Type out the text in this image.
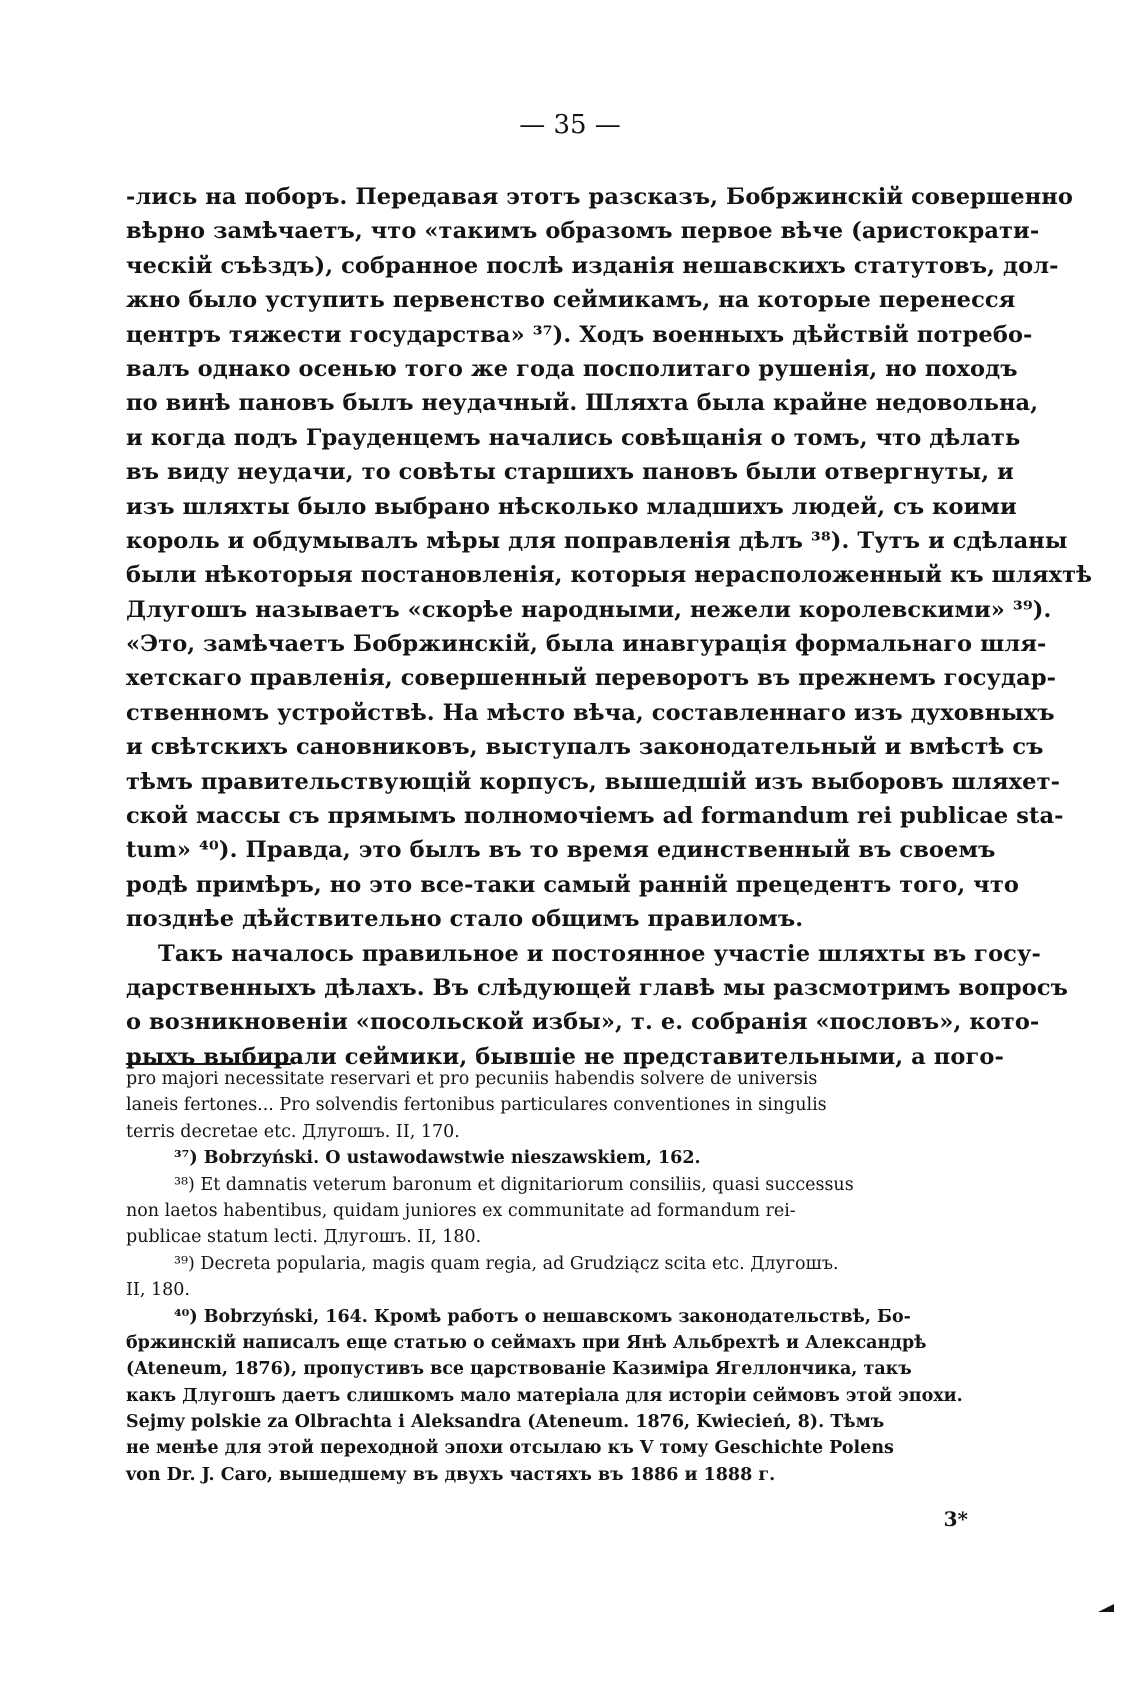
— 35 —
-лись на поборъ. Передавая этотъ разсказъ, Бобржинскій совершенно
вѣрно замѣчаетъ, что «такимъ образомъ первое вѣче (аристократи-
ческій съѣздъ), собранное послѣ изданія нешавскихъ статутовъ, дол-
жно было уступить первенство сеймикамъ, на которые перенесся
центръ тяжести государства» ³⁷). Ходъ военныхъ дѣйствій потребо-
валъ однако осенью того же года посполитаго рушенія, но походъ
по винѣ пановъ былъ неудачный. Шляхта была крайне недовольна,
и когда подъ Грауденцемъ начались совѣщанія о томъ, что дѣлать
въ виду неудачи, то совѣты старшихъ пановъ были отвергнуты, и
изъ шляхты было выбрано нѣсколько младшихъ людей, съ коими
король и обдумывалъ мѣры для поправленія дѣлъ ³⁸). Тутъ и сдѣланы
были нѣкоторыя постановленія, которыя нерасположенный къ шляхтѣ
Длугошъ называетъ «скорѣе народными, нежели королевскими» ³⁹).
«Это, замѣчаетъ Бобржинскій, была инавгурація формальнаго шля-
хетскаго правленія, совершенный переворотъ въ прежнемъ государ-
ственномъ устройствѣ. На мѣсто вѣча, составленнаго изъ духовныхъ
и свѣтскихъ сановниковъ, выступалъ законодательный и вмѣстѣ съ
тѣмъ правительствующій корпусъ, вышедшій изъ выборовъ шляхет-
ской массы съ прямымъ полномочіемъ ad formandum rei publicae sta-
tum» ⁴⁰). Правда, это былъ въ то время единственный въ своемъ
родѣ примѣръ, но это все-таки самый ранній прецедентъ того, что
позднѣе дѣйствительно стало общимъ правиломъ.
Такъ началось правильное и постоянное участіе шляхты въ госу-
дарственныхъ дѣлахъ. Въ слѣдующей главѣ мы разсмотримъ вопросъ
о возникновеніи «посольской избы», т. е. собранія «пословъ», кото-
рыхъ выбирали сеймики, бывшіе не представительными, а пого-
pro majori necessitate reservari et pro pecuniis habendis solvere de universis
laneis fertones... Pro solvendis fertonibus particulares conventiones in singulis
terris decretae etc. Длугошъ. II, 170.
³⁷) Bobrzyński. O ustawodawstwie nieszawskiem, 162.
³⁸) Et damnatis veterum baronum et dignitariorum consiliis, quasi successus
non laetos habentibus, quidam juniores ex communitate ad formandum rei-
publicae statum lecti. Длугошъ. II, 180.
³⁹) Decreta popularia, magis quam regia, ad Grudziącz scita etc. Длугошъ.
II, 180.
⁴⁰) Bobrzyński, 164. Кромѣ работъ о нешавскомъ законодательствѣ, Бо-
бржинскій написалъ еще статью о сеймахъ при Янѣ Альбрехтѣ и Александрѣ
(Ateneum, 1876), пропустивъ все царствованіе Казиміра Ягеллончика, такъ
какъ Длугошъ даетъ слишкомъ мало матеріала для исторіи сеймовъ этой эпохи.
Sejmy polskie za Olbrachta i Aleksandra (Ateneum. 1876, Kwiecień, 8). Тѣмъ
не менѣе для этой переходной эпохи отсылаю къ V тому Geschichte Polens
von Dr. J. Caro, вышедшему въ двухъ частяхъ въ 1886 и 1888 г.
3*
